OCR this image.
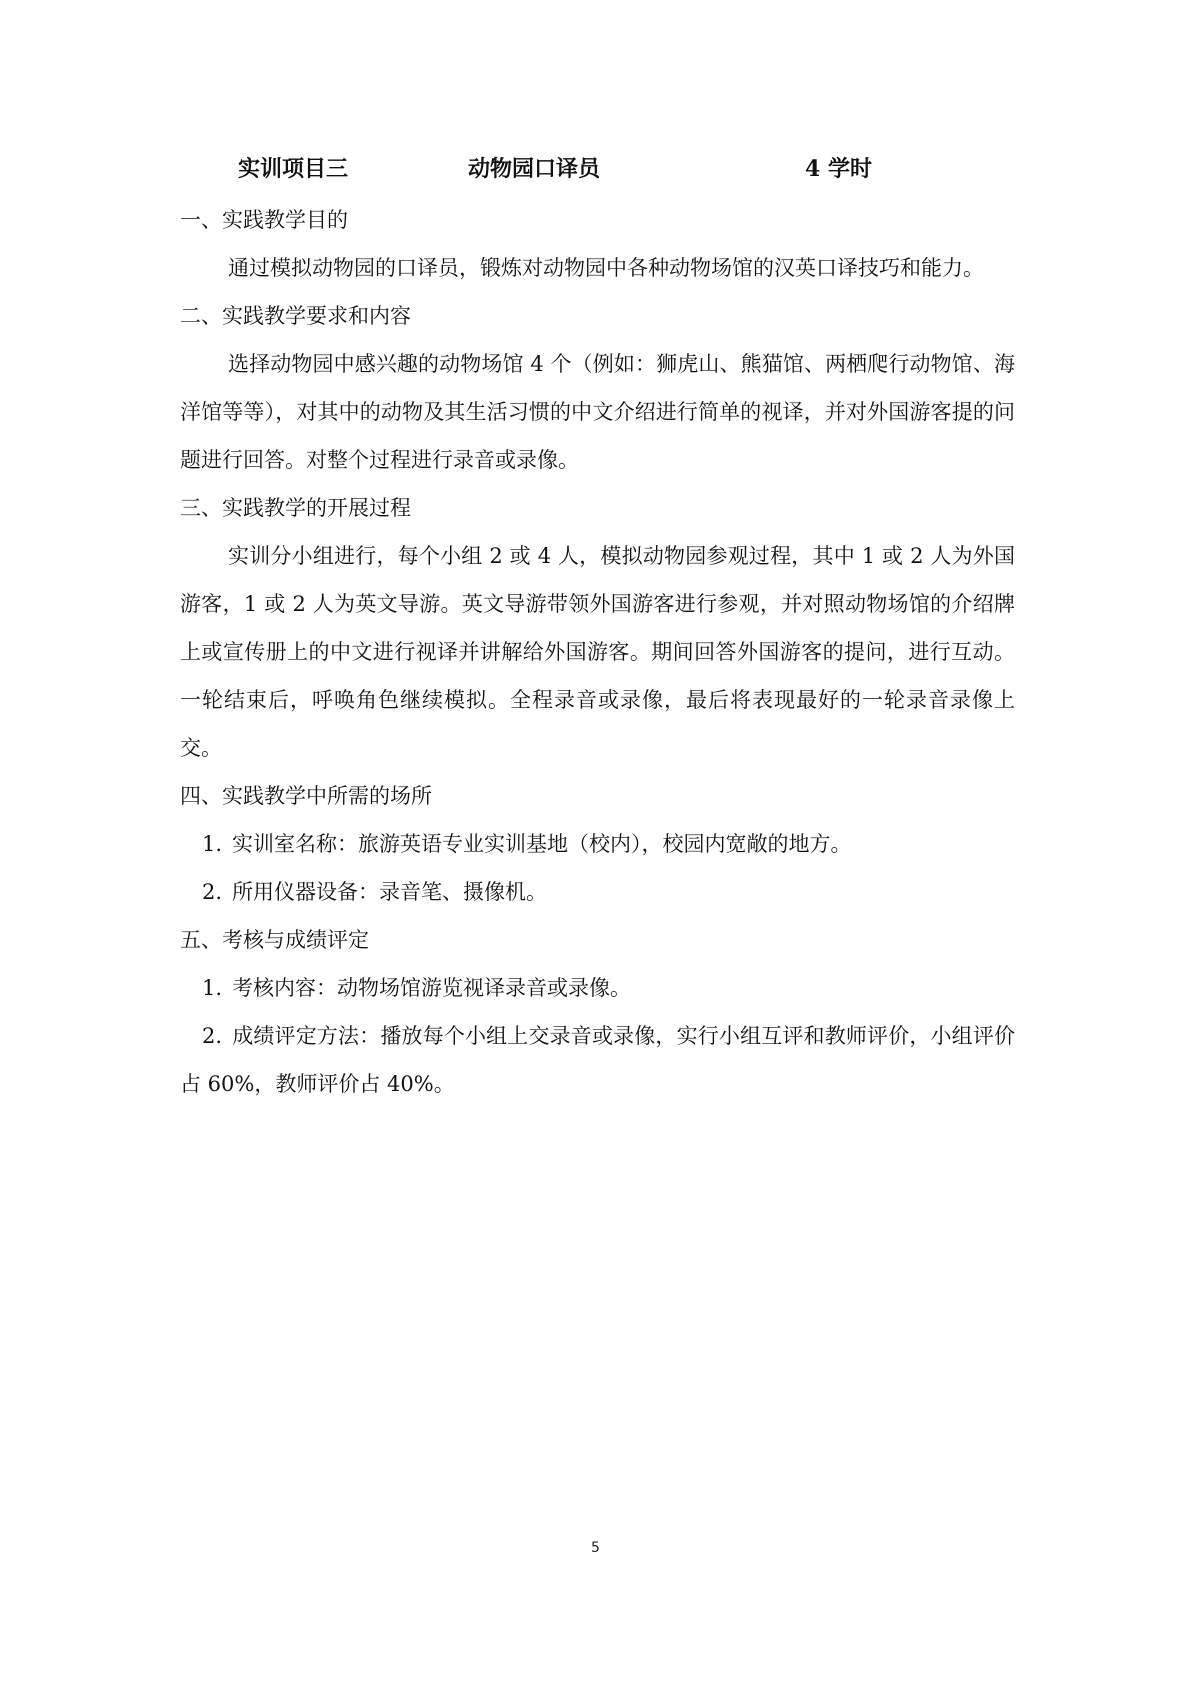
实训项目三	动物园口译员	4 学时

一、实践教学目的

通过模拟动物园的口译员，锻炼对动物园中各种动物场馆的汉英口译技巧和能力。

二、实践教学要求和内容

选择动物园中感兴趣的动物场馆 4 个（例如：狮虎山、熊猫馆、两栖爬行动物馆、海洋馆等等），对其中的动物及其生活习惯的中文介绍进行简单的视译，并对外国游客提的问题进行回答。对整个过程进行录音或录像。

三、实践教学的开展过程

实训分小组进行，每个小组 2 或 4 人，模拟动物园参观过程，其中 1 或 2 人为外国游客，1 或 2 人为英文导游。英文导游带领外国游客进行参观，并对照动物场馆的介绍牌上或宣传册上的中文进行视译并讲解给外国游客。期间回答外国游客的提问，进行互动。一轮结束后，呼唤角色继续模拟。全程录音或录像，最后将表现最好的一轮录音录像上交。

四、实践教学中所需的场所

1. 实训室名称：旅游英语专业实训基地（校内），校园内宽敞的地方。

2. 所用仪器设备：录音笔、摄像机。

五、考核与成绩评定

1. 考核内容：动物场馆游览视译录音或录像。

2. 成绩评定方法：播放每个小组上交录音或录像，实行小组互评和教师评价，小组评价占 60%，教师评价占 40%。

5
